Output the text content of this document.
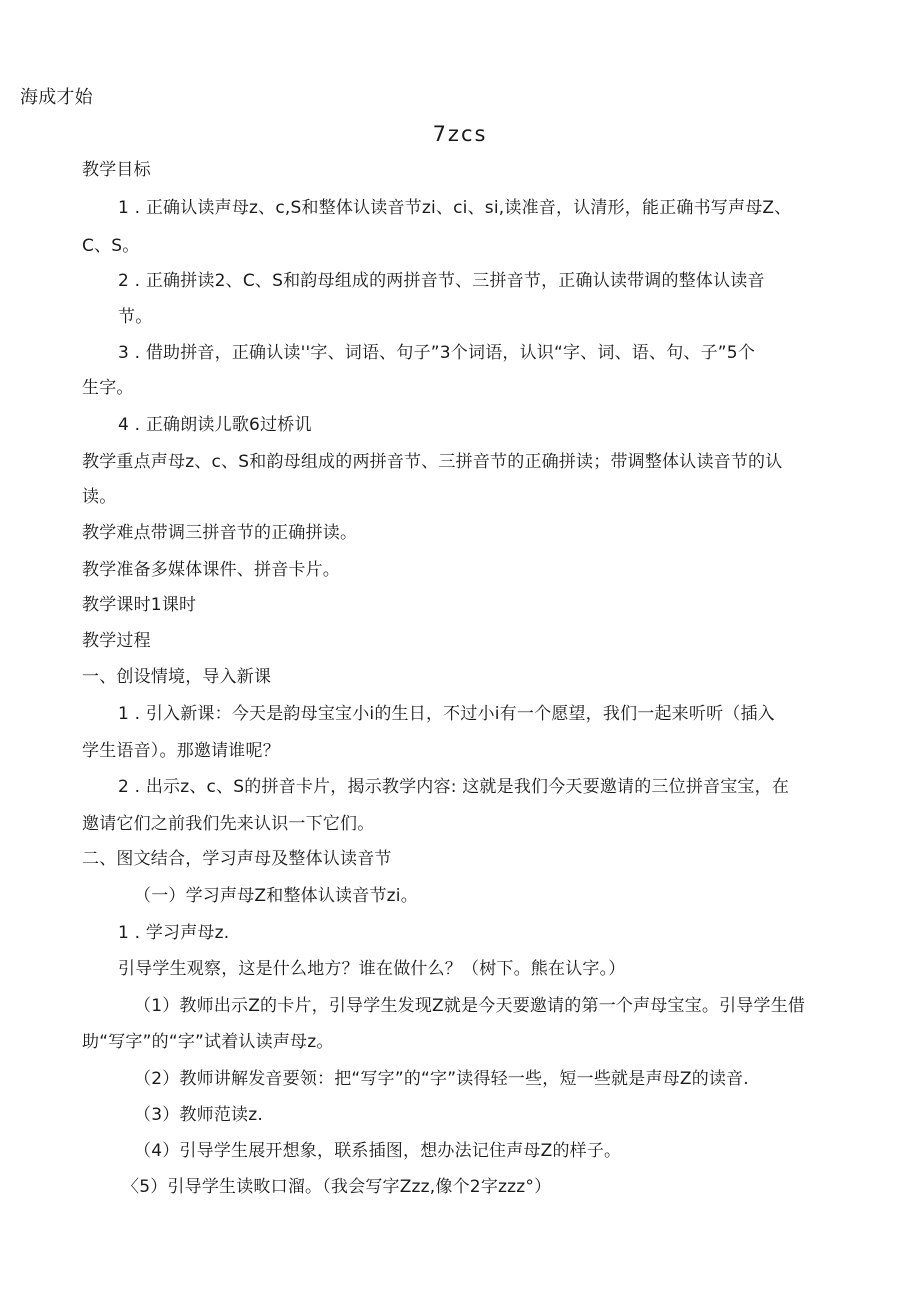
海成才始
7zcs
教学目标
1 . 正确认读声母z、c,S和整体认读音节zi、ci、si,读准音，认清形，能正确书写声母Z、
C、S。
2 . 正确拼读2、C、S和韵母组成的两拼音节、三拼音节，正确认读带调的整体认读音
节。
3 . 借助拼音，正确认读''字、词语、句子”3个词语，认识“字、词、语、句、子”5个
生字。
4 . 正确朗读儿歌6过桥讥
教学重点声母z、c、S和韵母组成的两拼音节、三拼音节的正确拼读；带调整体认读音节的认
读。
教学难点带调三拼音节的正确拼读。
教学准备多媒体课件、拼音卡片。
教学课时1课时
教学过程
一、创设情境，导入新课
1 . 引入新课：今天是韵母宝宝小i的生日，不过小i有一个愿望，我们一起来听听（插入
学生语音）。那邀请谁呢？
2 . 出示z、c、S的拼音卡片，揭示教学内容: 这就是我们今天要邀请的三位拼音宝宝，在
邀请它们之前我们先来认识一下它们。
二、图文结合，学习声母及整体认读音节
（一）学习声母Z和整体认读音节zi。
1 . 学习声母z.
引导学生观察，这是什么地方？谁在做什么？（树下。熊在认字。）
（1）教师出示Z的卡片，引导学生发现Z就是今天要邀请的第一个声母宝宝。引导学生借
助“写字”的“字”试着认读声母z。
（2）教师讲解发音要领：把“写字”的“字”读得轻一些，短一些就是声母Z的读音.
（3）教师范读z.
（4）引导学生展开想象，联系插图，想办法记住声母Z的样子。
〈5）引导学生读畋口溜。（我会写字Zzz,像个2字zzz°）
